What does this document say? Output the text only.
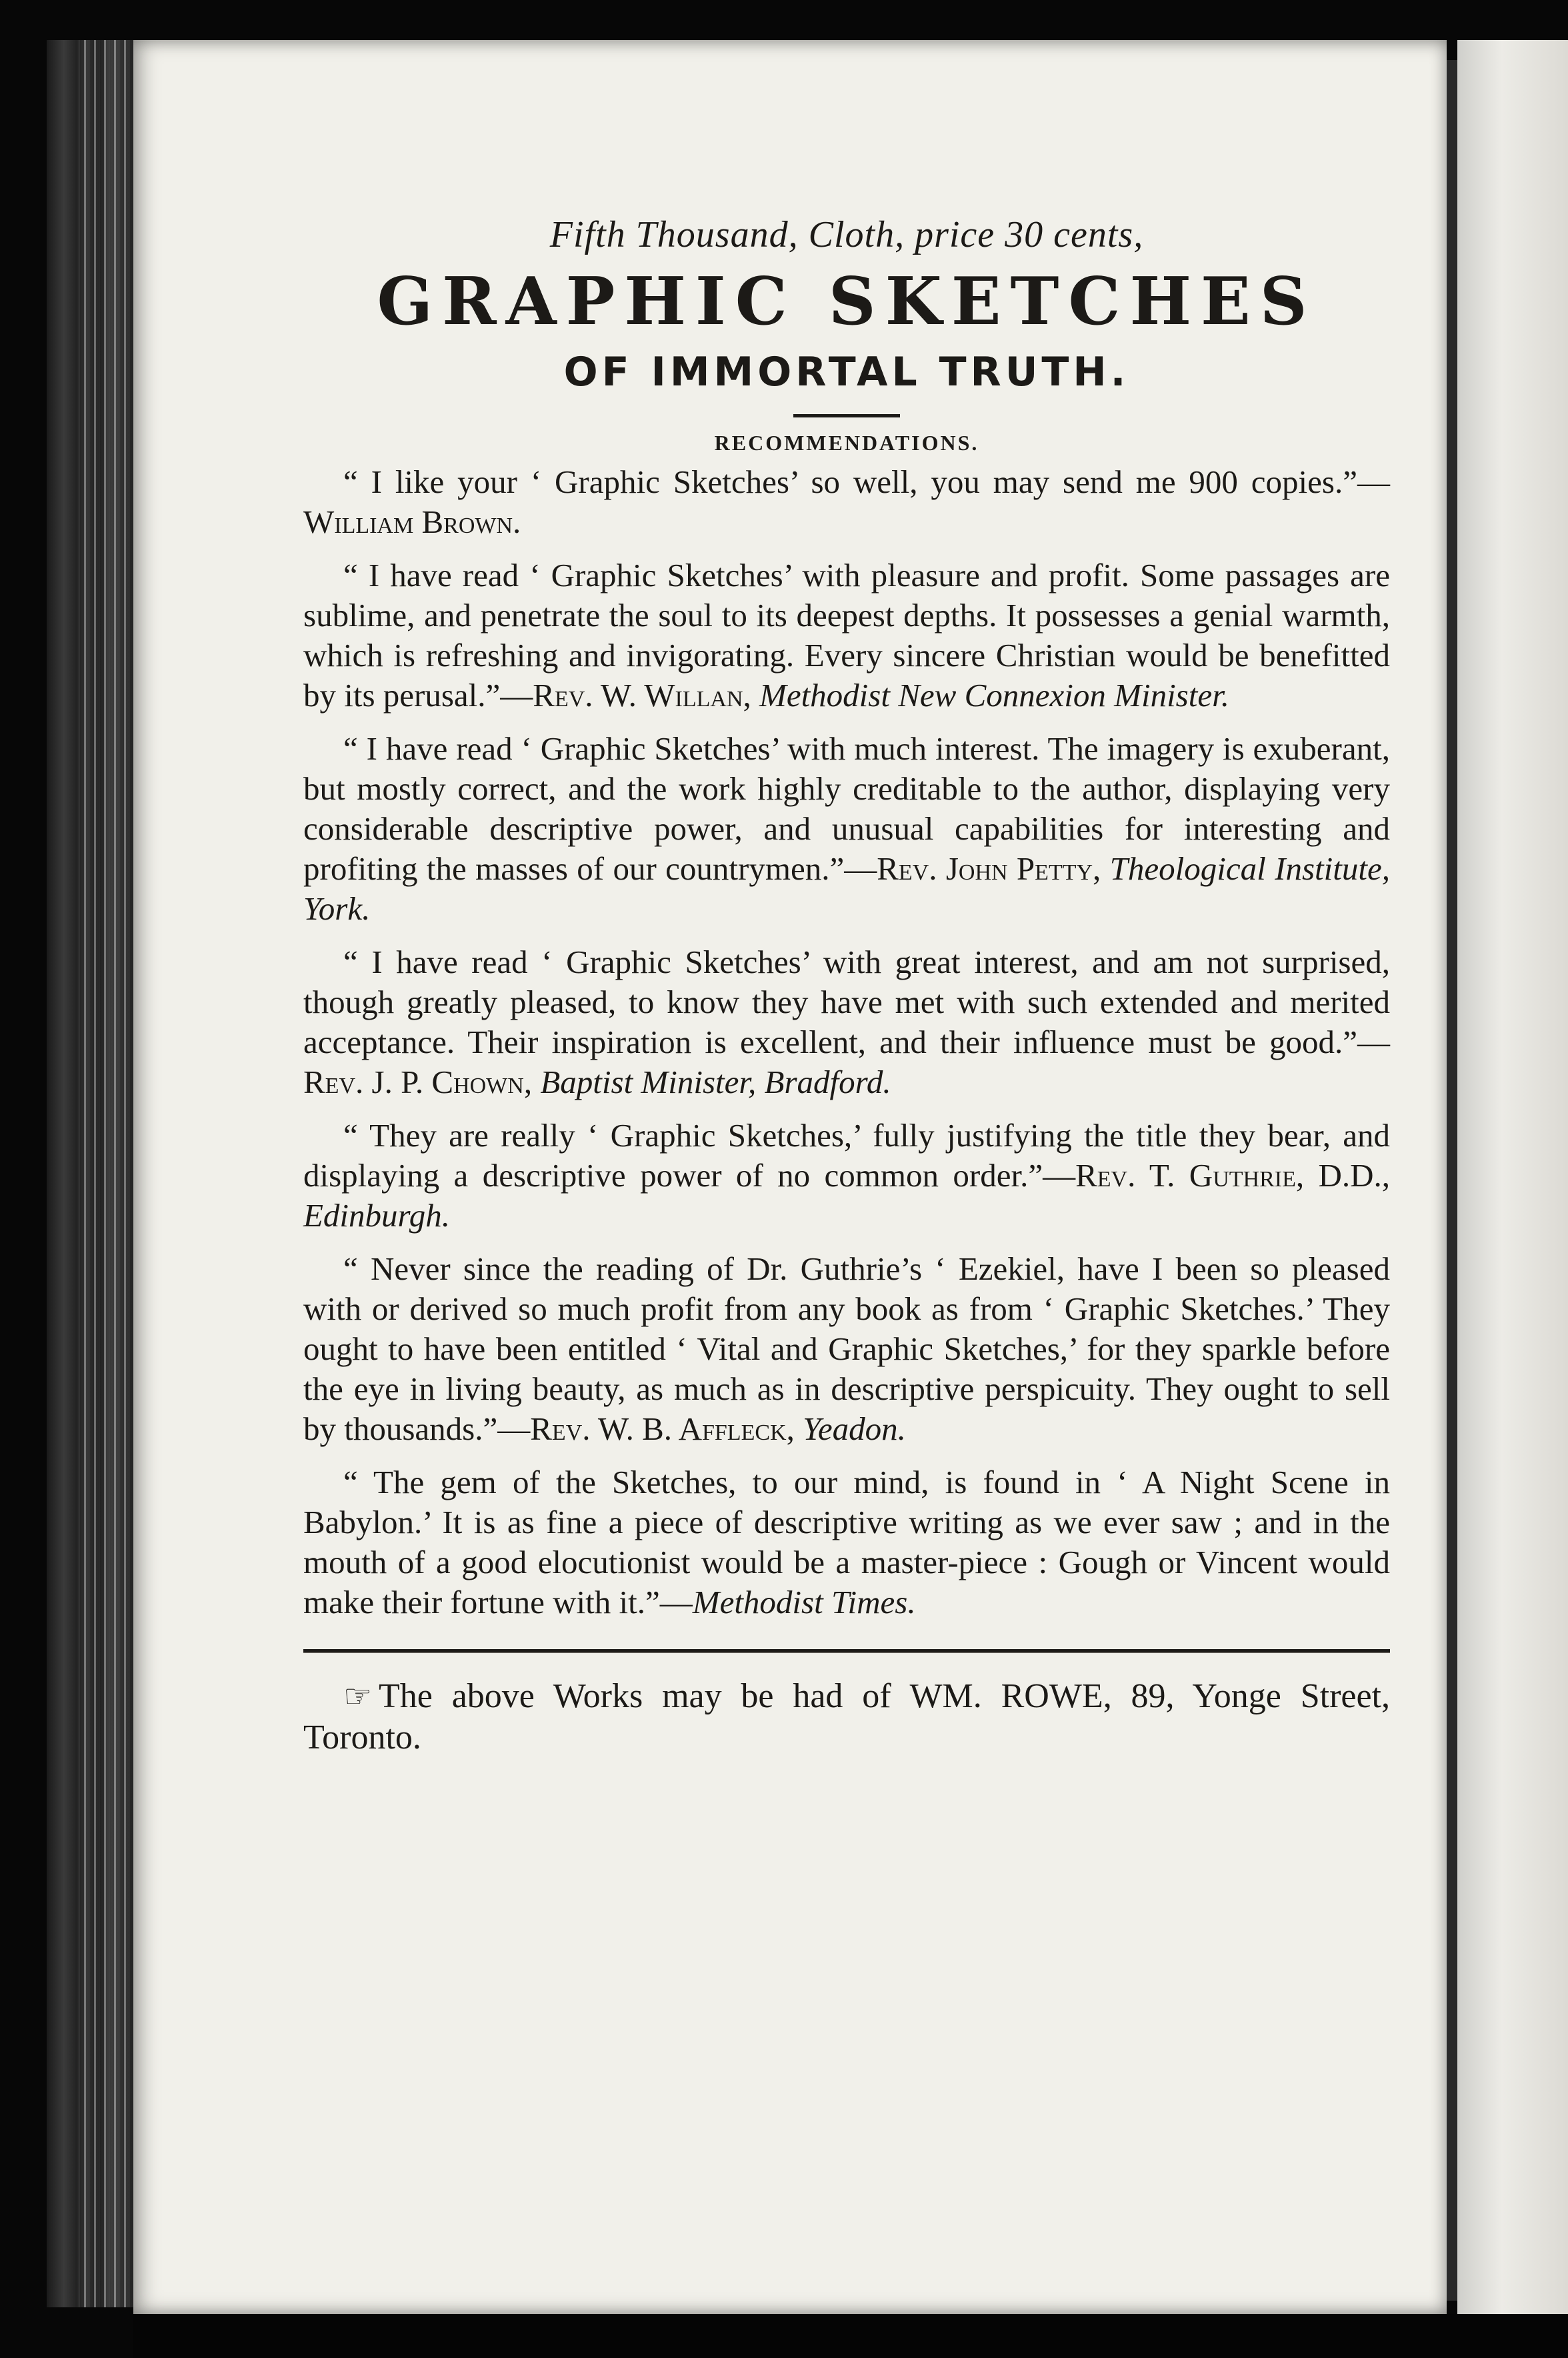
Fifth Thousand, Cloth, price 30 cents,

GRAPHIC SKETCHES
OF IMMORTAL TRUTH.

RECOMMENDATIONS.

“ I like your ‘ Graphic Sketches’ so well, you may send me 900 copies.”—William Brown.

“ I have read ‘ Graphic Sketches’ with pleasure and profit. Some passages are sublime, and penetrate the soul to its deepest depths. It possesses a genial warmth, which is refreshing and invigorating. Every sincere Christian would be benefitted by its perusal.”—Rev. W. Willan, Methodist New Connexion Minister.

“ I have read ‘ Graphic Sketches’ with much interest. The imagery is exuberant, but mostly correct, and the work highly creditable to the author, displaying very considerable descriptive power, and unusual capabilities for interesting and profiting the masses of our countrymen.”—Rev. John Petty, Theological Institute, York.

“ I have read ‘ Graphic Sketches’ with great interest, and am not surprised, though greatly pleased, to know they have met with such extended and merited acceptance. Their inspiration is excellent, and their influence must be good.”—Rev. J. P. Chown, Baptist Minister, Bradford.

“ They are really ‘ Graphic Sketches,’ fully justifying the title they bear, and displaying a descriptive power of no common order.”—Rev. T. Guthrie, D.D., Edinburgh.

“ Never since the reading of Dr. Guthrie’s ‘ Ezekiel, have I been so pleased with or derived so much profit from any book as from ‘ Graphic Sketches.’ They ought to have been entitled ‘ Vital and Graphic Sketches,’ for they sparkle before the eye in living beauty, as much as in descriptive perspicuity. They ought to sell by thousands.”—Rev. W. B. Affleck, Yeadon.

“ The gem of the Sketches, to our mind, is found in ‘ A Night Scene in Babylon.’ It is as fine a piece of descriptive writing as we ever saw ; and in the mouth of a good elocutionist would be a master-piece : Gough or Vincent would make their fortune with it.”—Methodist Times.

☞ The above Works may be had of WM. ROWE, 89, Yonge Street, Toronto.
